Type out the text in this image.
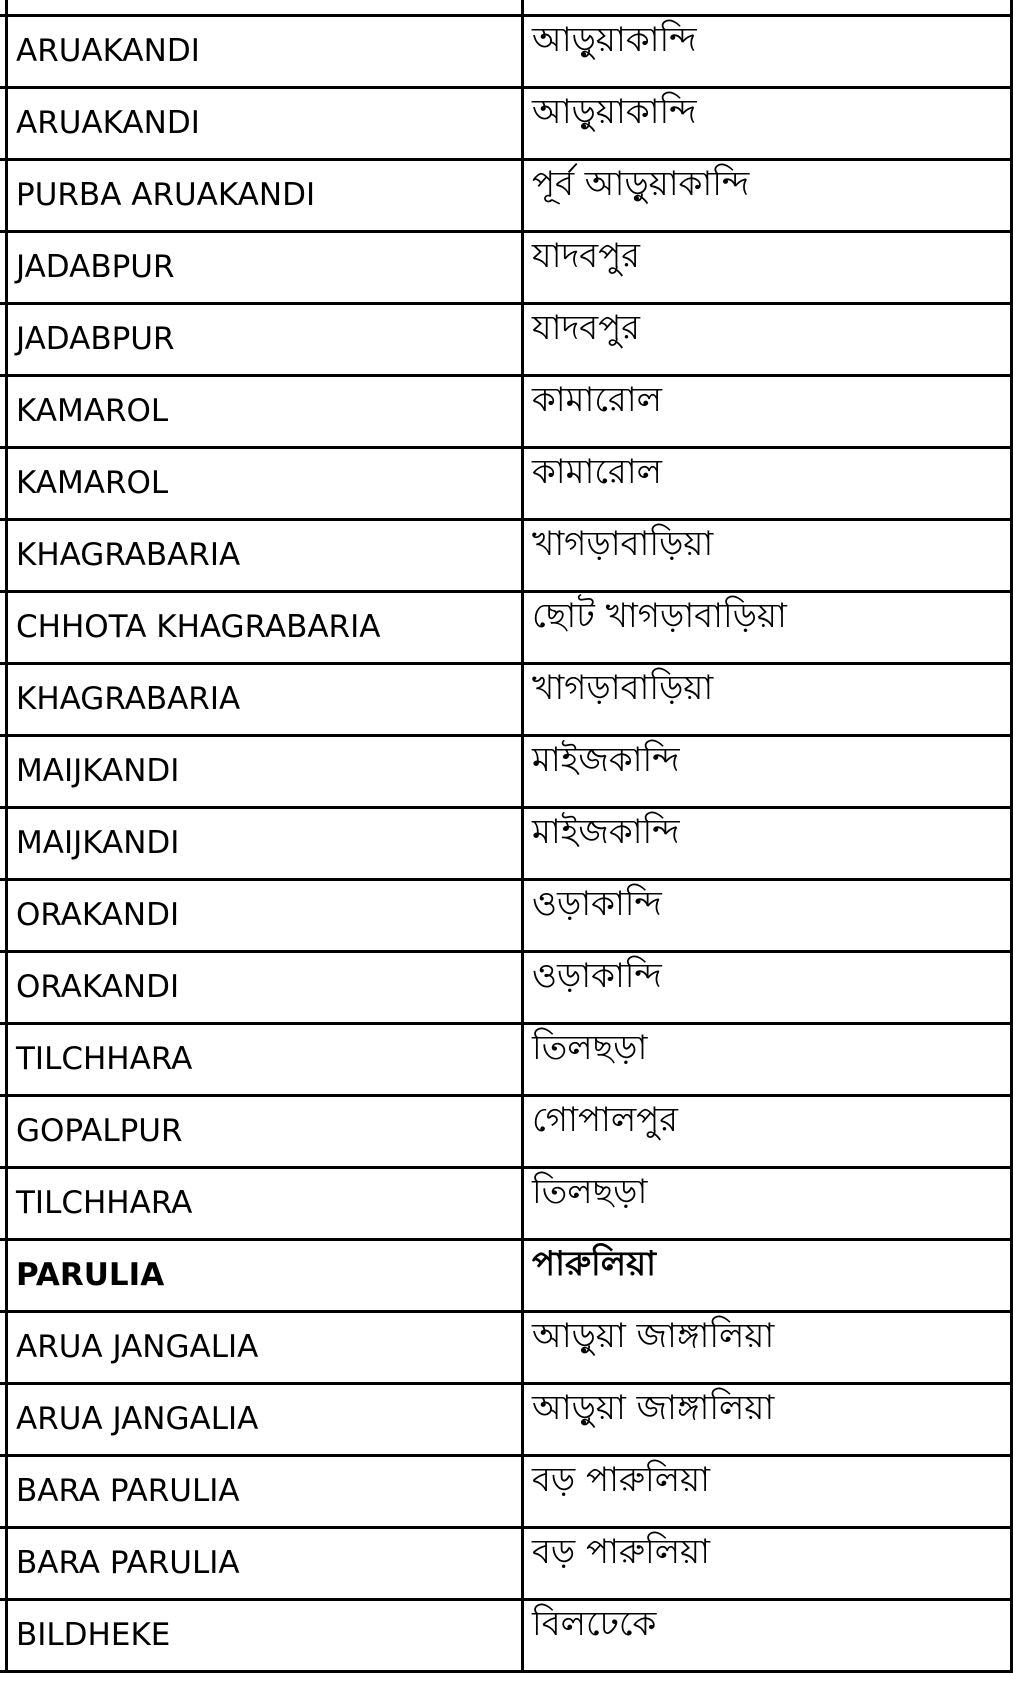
	ARUAKANDI	আড়ুয়াকান্দি	
	ARUAKANDI	আড়ুয়াকান্দি	
	PURBA ARUAKANDI	পূর্ব আড়ুয়াকান্দি	
	JADABPUR	যাদবপুর	
	JADABPUR	যাদবপুর	
	KAMAROL	কামারোল	
	KAMAROL	কামারোল	
	KHAGRABARIA	খাগড়াবাড়িয়া	
	CHHOTA KHAGRABARIA	ছোট খাগড়াবাড়িয়া	
	KHAGRABARIA	খাগড়াবাড়িয়া	
	MAIJKANDI	মাইজকান্দি	
	MAIJKANDI	মাইজকান্দি	
	ORAKANDI	ওড়াকান্দি	
	ORAKANDI	ওড়াকান্দি	
	TILCHHARA	তিলছড়া	
	GOPALPUR	গোপালপুর	
	TILCHHARA	তিলছড়া	
	PARULIA	পারুলিয়া	
	ARUA JANGALIA	আড়ুয়া জাঙ্গালিয়া	
	ARUA JANGALIA	আড়ুয়া জাঙ্গালিয়া	
	BARA PARULIA	বড় পারুলিয়া	
	BARA PARULIA	বড় পারুলিয়া	
	BILDHEKE	বিলঢেকে	
